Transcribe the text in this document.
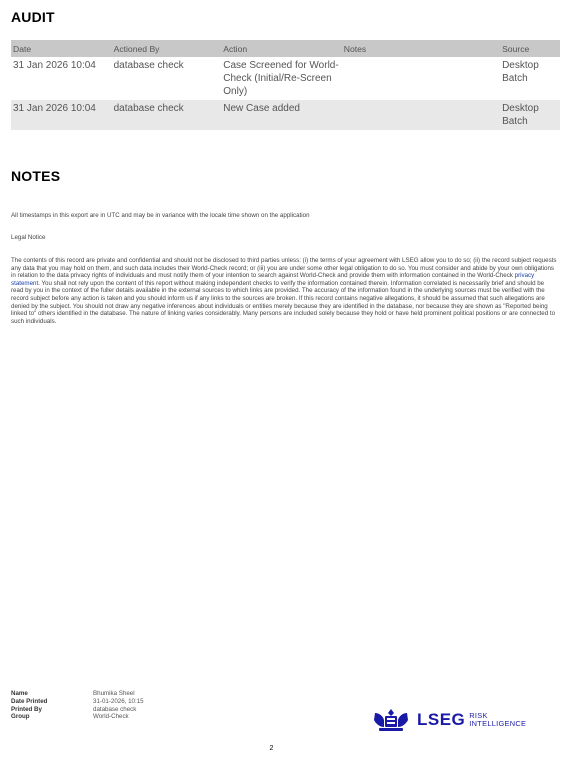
AUDIT
Date	Actioned By	Action	Notes	Source
31 Jan 2026 10:04	database check	Case Screened for World-Check (Initial/Re-Screen Only)		Desktop Batch
31 Jan 2026 10:04	database check	New Case added		Desktop Batch
NOTES
All timestamps in this export are in UTC and may be in variance with the locale time shown on the application
Legal Notice
The contents of this record are private and confidential and should not be disclosed to third parties unless: (i) the terms of your agreement with LSEG allow you to do so; (ii) the record subject requests any data that you may hold on them, and such data includes their World-Check record; or (iii) you are under some other legal obligation to do so. You must consider and abide by your own obligations in relation to the data privacy rights of individuals and must notify them of your intention to search against World-Check and provide them with information contained in the World-Check privacy statement. You shall not rely upon the content of this report without making independent checks to verify the information contained therein. Information correlated is necessarily brief and should be read by you in the context of the fuller details available in the external sources to which links are provided. The accuracy of the information found in the underlying sources must be verified with the record subject before any action is taken and you should inform us if any links to the sources are broken. If this record contains negative allegations, it should be assumed that such allegations are denied by the subject. You should not draw any negative inferences about individuals or entities merely because they are identified in the database, nor because they are shown as "Reported being linked to" others identified in the database. The nature of linking varies considerably. Many persons are included solely because they hold or have held prominent political positions or are connected to such individuals.
Name	Bhumika Sheel
Date Printed	31-01-2026, 10:15
Printed By	database check
Group	World-Check	LSEG RISK
INTELLIGENCE
2
